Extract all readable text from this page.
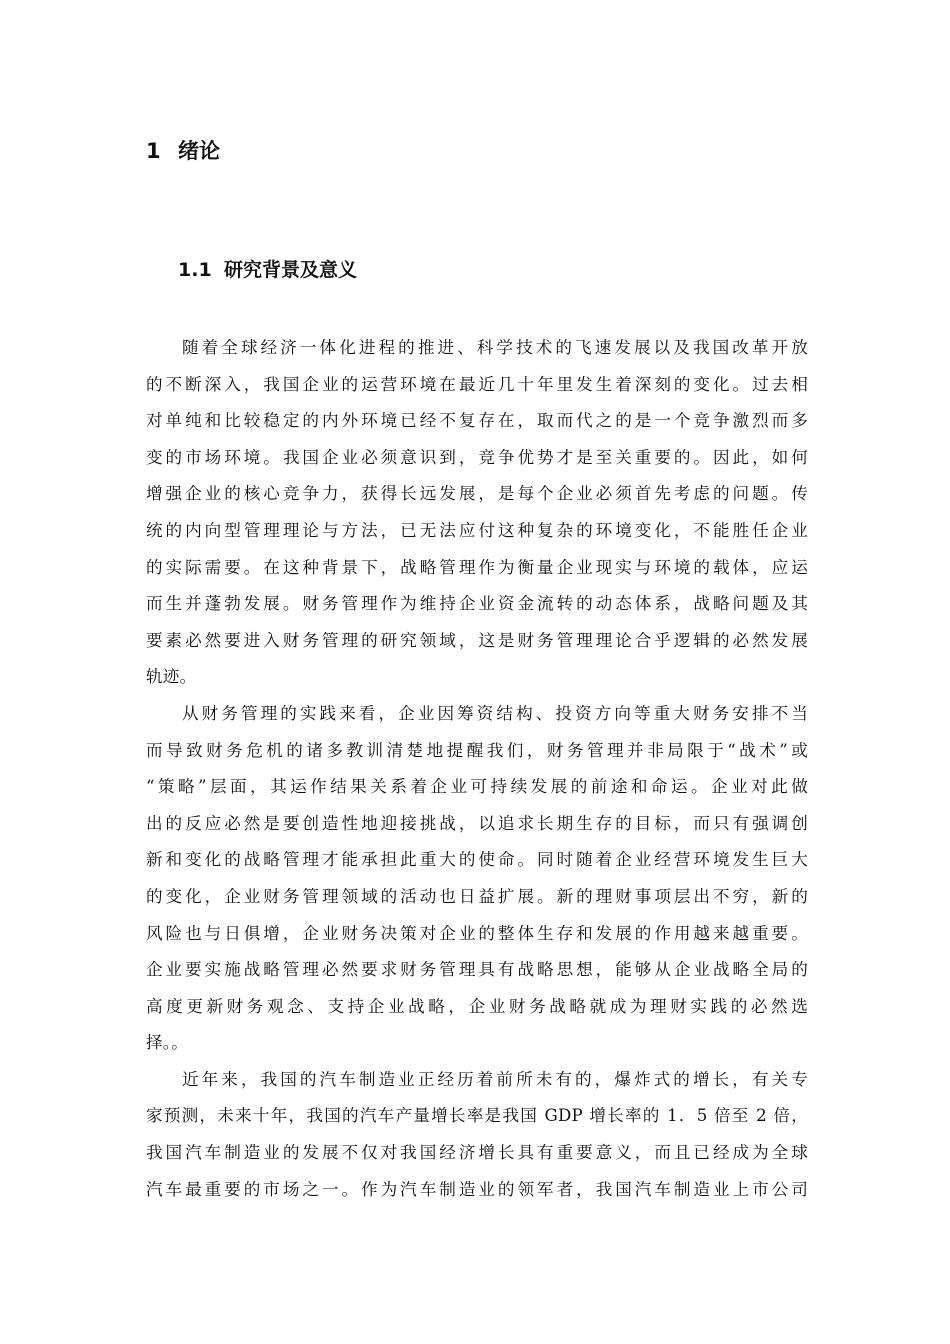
1 绪论
1.1 研究背景及意义
随着全球经济一体化进程的推进、科学技术的飞速发展以及我国改革开放
的不断深入，我国企业的运营环境在最近几十年里发生着深刻的变化。过去相
对单纯和比较稳定的内外环境已经不复存在，取而代之的是一个竞争激烈而多
变的市场环境。我国企业必须意识到，竞争优势才是至关重要的。因此，如何
增强企业的核心竞争力，获得长远发展，是每个企业必须首先考虑的问题。传
统的内向型管理理论与方法，已无法应付这种复杂的环境变化，不能胜任企业
的实际需要。在这种背景下，战略管理作为衡量企业现实与环境的载体，应运
而生并蓬勃发展。财务管理作为维持企业资金流转的动态体系，战略问题及其
要素必然要进入财务管理的研究领域，这是财务管理理论合乎逻辑的必然发展
轨迹。
从财务管理的实践来看，企业因筹资结构、投资方向等重大财务安排不当
而导致财务危机的诸多教训清楚地提醒我们，财务管理并非局限于“战术”或
“策略”层面，其运作结果关系着企业可持续发展的前途和命运。企业对此做
出的反应必然是要创造性地迎接挑战，以追求长期生存的目标，而只有强调创
新和变化的战略管理才能承担此重大的使命。同时随着企业经营环境发生巨大
的变化，企业财务管理领域的活动也日益扩展。新的理财事项层出不穷，新的
风险也与日俱增，企业财务决策对企业的整体生存和发展的作用越来越重要。
企业要实施战略管理必然要求财务管理具有战略思想，能够从企业战略全局的
高度更新财务观念、支持企业战略，企业财务战略就成为理财实践的必然选
择。。
近年来，我国的汽车制造业正经历着前所未有的，爆炸式的增长，有关专
家预测，未来十年，我国的汽车产量增长率是我国 GDP 增长率的 1．5 倍至 2 倍，
我国汽车制造业的发展不仅对我国经济增长具有重要意义，而且已经成为全球
汽车最重要的市场之一。作为汽车制造业的领军者，我国汽车制造业上市公司
